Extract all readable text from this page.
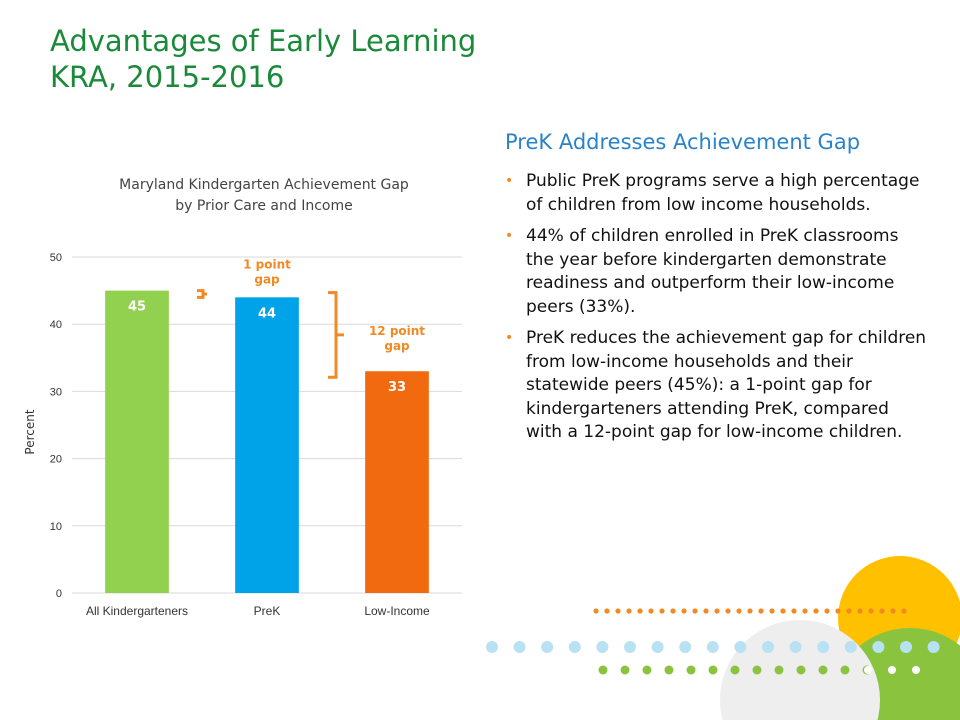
Advantages of Early Learning
KRA, 2015-2016
Maryland Kindergarten Achievement Gap
by Prior Care and Income
0
10
20
30
40
50
Percent
45	44
33
All Kindergarteners	PreK	Low-Income
1 point
gap
12 point
gap
PreK Addresses Achievement Gap
• Public PreK programs serve a high percentage of children from low income households.
• 44% of children enrolled in PreK classrooms the year before kindergarten demonstrate readiness and outperform their low-income peers (33%).
• PreK reduces the achievement gap for children from low-income households and their statewide peers (45%): a 1-point gap for kindergarteners attending PreK, compared with a 12-point gap for low-income children.
